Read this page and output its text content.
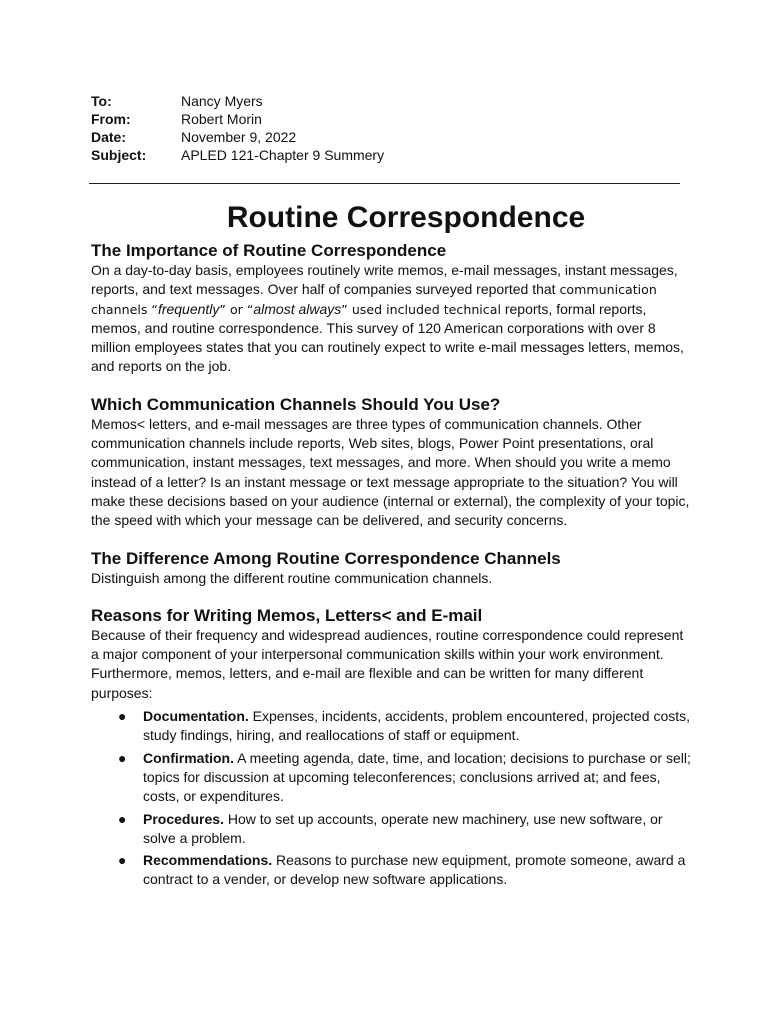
To:	Nancy Myers
From:	Robert Morin
Date:	November 9, 2022
Subject:	APLED 121-Chapter 9 Summery
Routine Correspondence
The Importance of Routine Correspondence

On a day-to-day basis, employees routinely write memos, e-mail messages, instant messages, reports, and text messages. Over half of companies surveyed reported that communication channels “frequently” or “almost always” used included technical reports, formal reports, memos, and routine correspondence. This survey of 120 American corporations with over 8 million employees states that you can routinely expect to write e-mail messages letters, memos, and reports on the job.

Which Communication Channels Should You Use?

Memos< letters, and e-mail messages are three types of communication channels. Other communication channels include reports, Web sites, blogs, Power Point presentations, oral communication, instant messages, text messages, and more. When should you write a memo instead of a letter? Is an instant message or text message appropriate to the situation? You will make these decisions based on your audience (internal or external), the complexity of your topic, the speed with which your message can be delivered, and security concerns.

The Difference Among Routine Correspondence Channels

Distinguish among the different routine communication channels.

Reasons for Writing Memos, Letters< and E-mail

Because of their frequency and widespread audiences, routine correspondence could represent a major component of your interpersonal communication skills within your work environment. Furthermore, memos, letters, and e-mail are flexible and can be written for many different purposes:

● Documentation. Expenses, incidents, accidents, problem encountered, projected costs, study findings, hiring, and reallocations of staff or equipment.
● Confirmation. A meeting agenda, date, time, and location; decisions to purchase or sell; topics for discussion at upcoming teleconferences; conclusions arrived at; and fees, costs, or expenditures.
● Procedures. How to set up accounts, operate new machinery, use new software, or solve a problem.
● Recommendations. Reasons to purchase new equipment, promote someone, award a contract to a vender, or develop new software applications.
